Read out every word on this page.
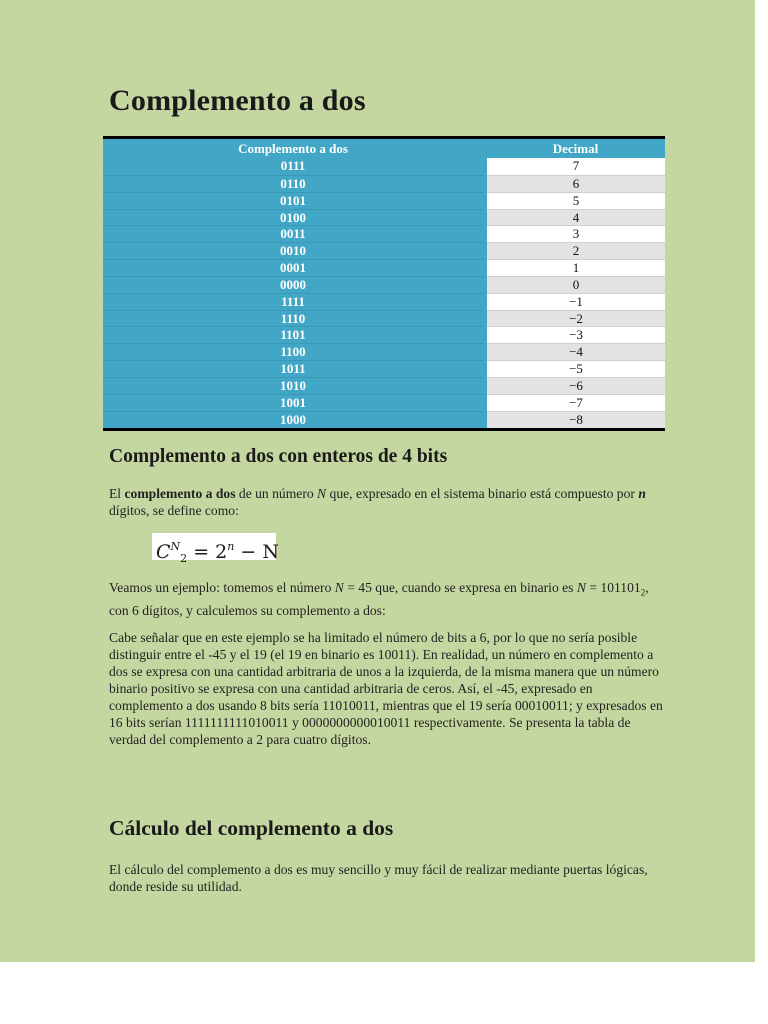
Complemento a dos
Complemento a dos	Decimal
0111	7
0110	6
0101	5
0100	4
0011	3
0010	2
0001	1
0000	0
1111	−1
1110	−2
1101	−3
1100	−4
1011	−5
1010	−6
1001	−7
1000	−8
Complemento a dos con enteros de 4 bits

El complemento a dos de un número N que, expresado en el sistema binario está compuesto por n dígitos, se define como:

$C^N_2 = 2^n - N$

Veamos un ejemplo: tomemos el número N = 45 que, cuando se expresa en binario es $N = 101101_2$, con 6 dígitos, y calculemos su complemento a dos:

Cabe señalar que en este ejemplo se ha limitado el número de bits a 6, por lo que no sería posible distinguir entre el -45 y el 19 (el 19 en binario es 10011). En realidad, un número en complemento a dos se expresa con una cantidad arbitraria de unos a la izquierda, de la misma manera que un número binario positivo se expresa con una cantidad arbitraria de ceros. Así, el -45, expresado en complemento a dos usando 8 bits sería 11010011, mientras que el 19 sería 00010011; y expresados en 16 bits serían 1111111111010011 y 0000000000010011 respectivamente. Se presenta la tabla de verdad del complemento a 2 para cuatro dígitos.

Cálculo del complemento a dos

El cálculo del complemento a dos es muy sencillo y muy fácil de realizar mediante puertas lógicas, donde reside su utilidad.
